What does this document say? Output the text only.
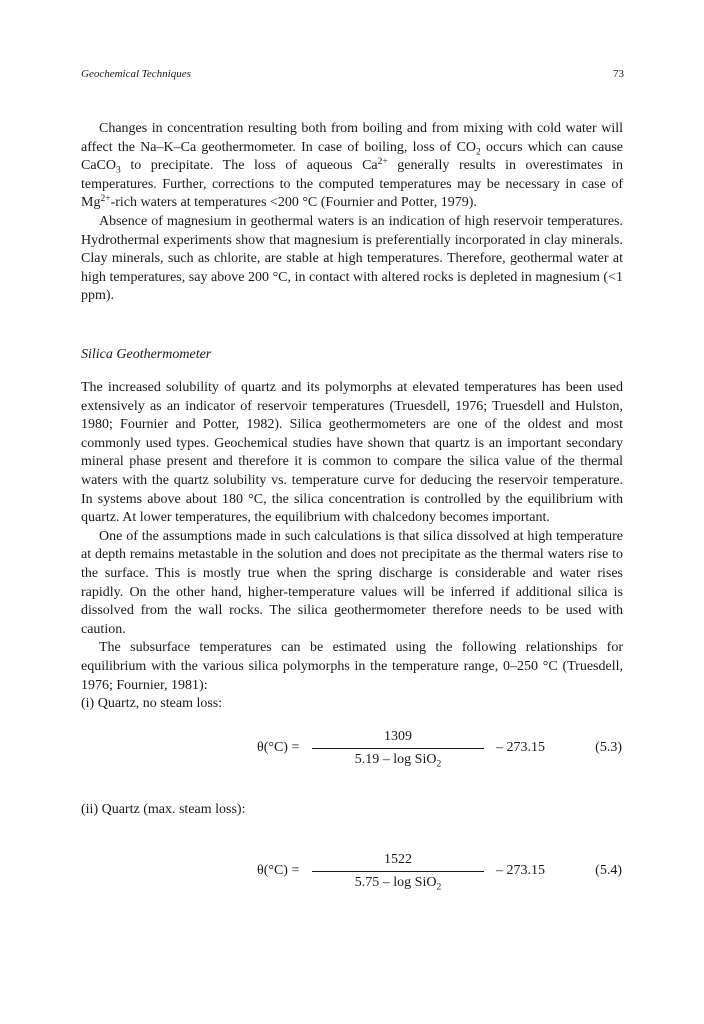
Geochemical Techniques	73

Changes in concentration resulting both from boiling and from mixing with cold water will affect the Na–K–Ca geothermometer. In case of boiling, loss of $CO_2$ occurs which can cause CaCO$_3$ to precipitate. The loss of aqueous $Ca^{2+}$ generally results in overestimates in temperatures. Further, corrections to the computed temperatures may be necessary in case of $Mg^{2+}$-rich waters at temperatures <200 °C (Fournier and Potter, 1979).

Absence of magnesium in geothermal waters is an indication of high reservoir temperatures. Hydrothermal experiments show that magnesium is preferentially incorporated in clay minerals. Clay minerals, such as chlorite, are stable at high temperatures. Therefore, geothermal water at high temperatures, say above 200 °C, in contact with altered rocks is depleted in magnesium (<1 ppm).

Silica Geothermometer

The increased solubility of quartz and its polymorphs at elevated temperatures has been used extensively as an indicator of reservoir temperatures (Truesdell, 1976; Truesdell and Hulston, 1980; Fournier and Potter, 1982). Silica geothermometers are one of the oldest and most commonly used types. Geochemical studies have shown that quartz is an important secondary mineral phase present and therefore it is common to compare the silica value of the thermal waters with the quartz solubility vs. temperature curve for deducing the reservoir temperature. In systems above about 180 °C, the silica concentration is controlled by the equilibrium with quartz. At lower temperatures, the equilibrium with chalcedony becomes important.

One of the assumptions made in such calculations is that silica dissolved at high temperature at depth remains metastable in the solution and does not precipitate as the thermal waters rise to the surface. This is mostly true when the spring discharge is considerable and water rises rapidly. On the other hand, higher-temperature values will be inferred if additional silica is dissolved from the wall rocks. The silica geothermometer therefore needs to be used with caution.

The subsurface temperatures can be estimated using the following relationships for equilibrium with the various silica polymorphs in the temperature range, 0–250 °C (Truesdell, 1976; Fournier, 1981):

(i) Quartz, no steam loss:

θ(°C) =
1309
5.19 – log SiO$_2$
– 273.15	(5.3)
(ii) Quartz (max. steam loss):
θ(°C) =
1522
5.75 – log SiO$_2$
– 273.15	(5.4)
